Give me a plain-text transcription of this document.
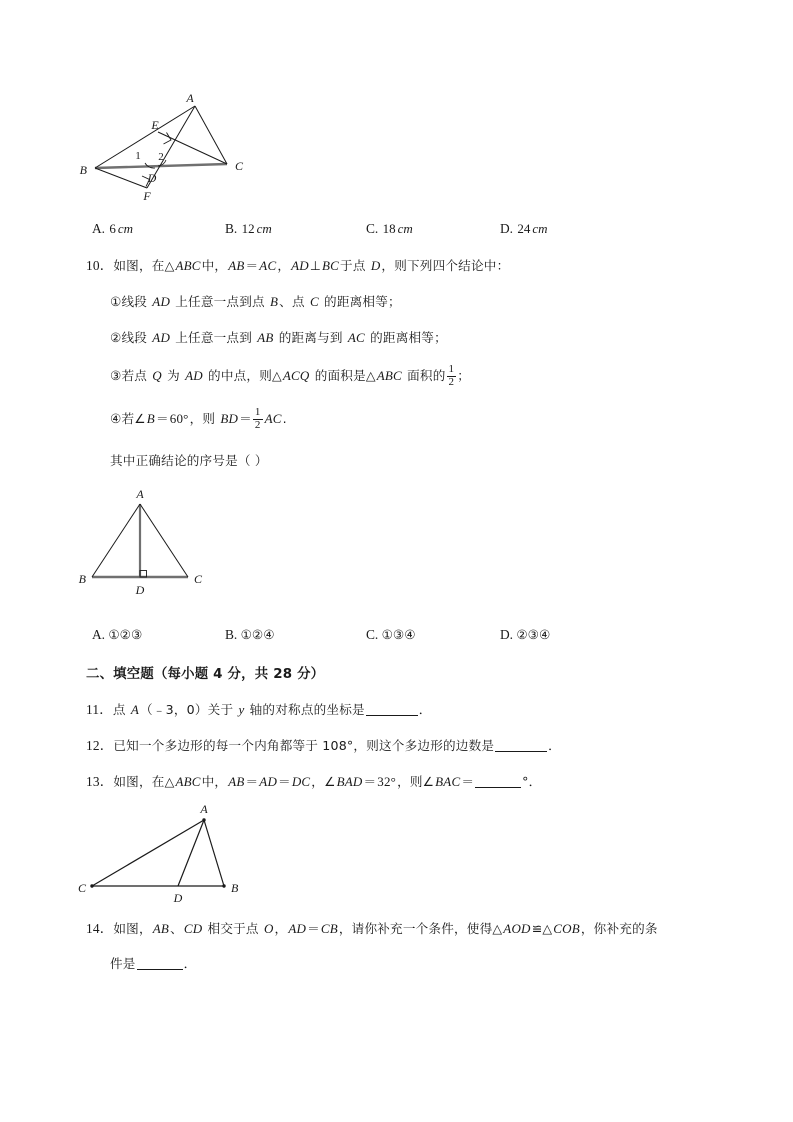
A
B	C
D
E
F
1 2
A. 6 cm	B. 12 cm	C. 18 cm	D. 24 cm
10．如图，在△ABC中，AB＝AC，AD⊥BC于点 D，则下列四个结论中：
①线段 AD 上任意一点到点 B、点 C 的距离相等；
②线段 AD 上任意一点到 AB 的距离与到 AC 的距离相等；
③若点 Q 为 AD 的中点，则△ACQ 的面积是△ABC 面积的 $\frac{1}{2}$ ；
④若∠B＝60°，则 $BD= \frac{1}{2}$ AC.
其中正确结论的序号是（ ）
A
B	C
D
A. ①②③	B. ①②④	C. ①③④	D. ②③④
二、填空题（每小题 4 分，共 28 分）
11．点 A（﹣3，0）关于 y 轴的对称点的坐标是	．
12．已知一个多边形的每一个内角都等于 108°，则这个多边形的边数是	．
13．如图，在△ABC中，AB＝AD＝DC，∠BAD＝32°，则∠BAC＝	°．
A
C	B
D
14．如图，AB、CD 相交于点 O，AD＝CB，请你补充一个条件，使得△AOD≌△COB，你补充的条
件是	．
